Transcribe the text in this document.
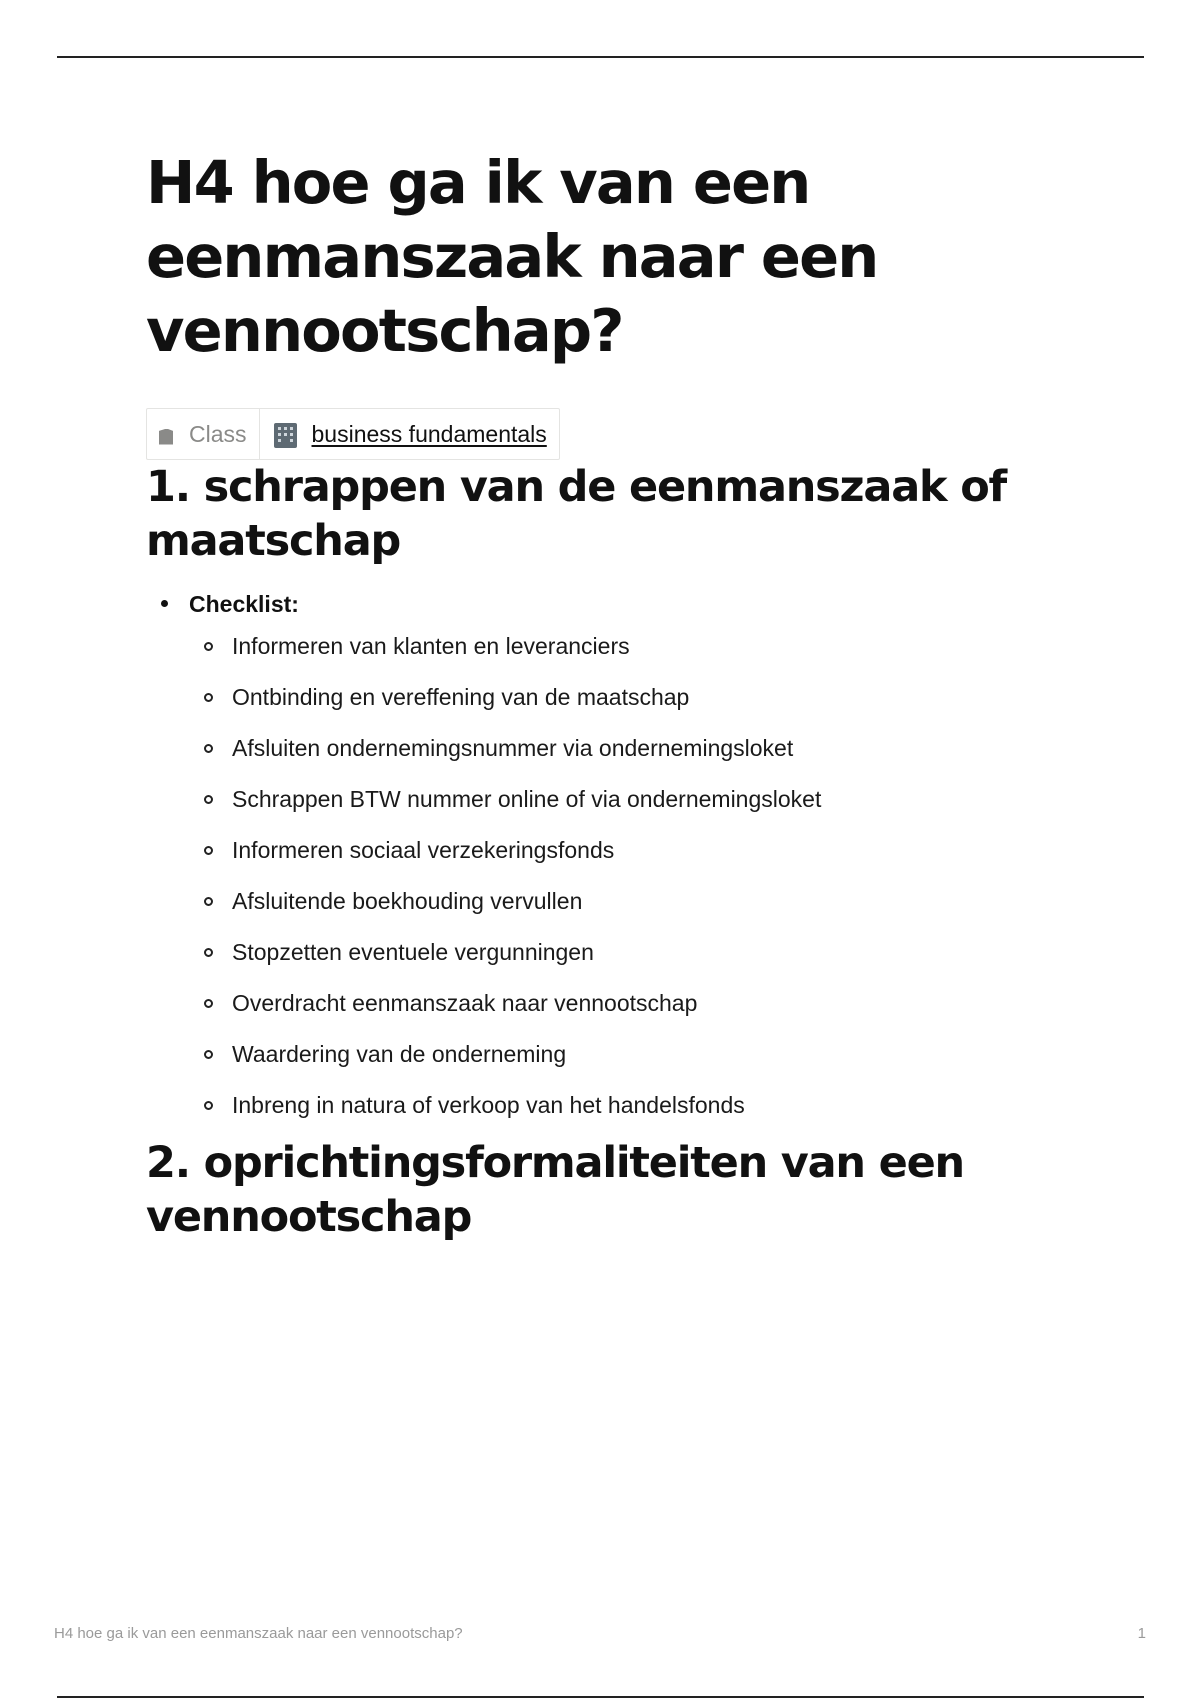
H4 hoe ga ik van een eenmanszaak naar een vennootschap?
Class	business fundamentals
1. schrappen van de eenmanszaak of maatschap
Checklist:
Informeren van klanten en leveranciers
Ontbinding en vereffening van de maatschap
Afsluiten ondernemingsnummer via ondernemingsloket
Schrappen BTW nummer online of via ondernemingsloket
Informeren sociaal verzekeringsfonds
Afsluitende boekhouding vervullen
Stopzetten eventuele vergunningen
Overdracht eenmanszaak naar vennootschap
Waardering van de onderneming
Inbreng in natura of verkoop van het handelsfonds
2. oprichtingsformaliteiten van een vennootschap
H4 hoe ga ik van een eenmanszaak naar een vennootschap?	1
